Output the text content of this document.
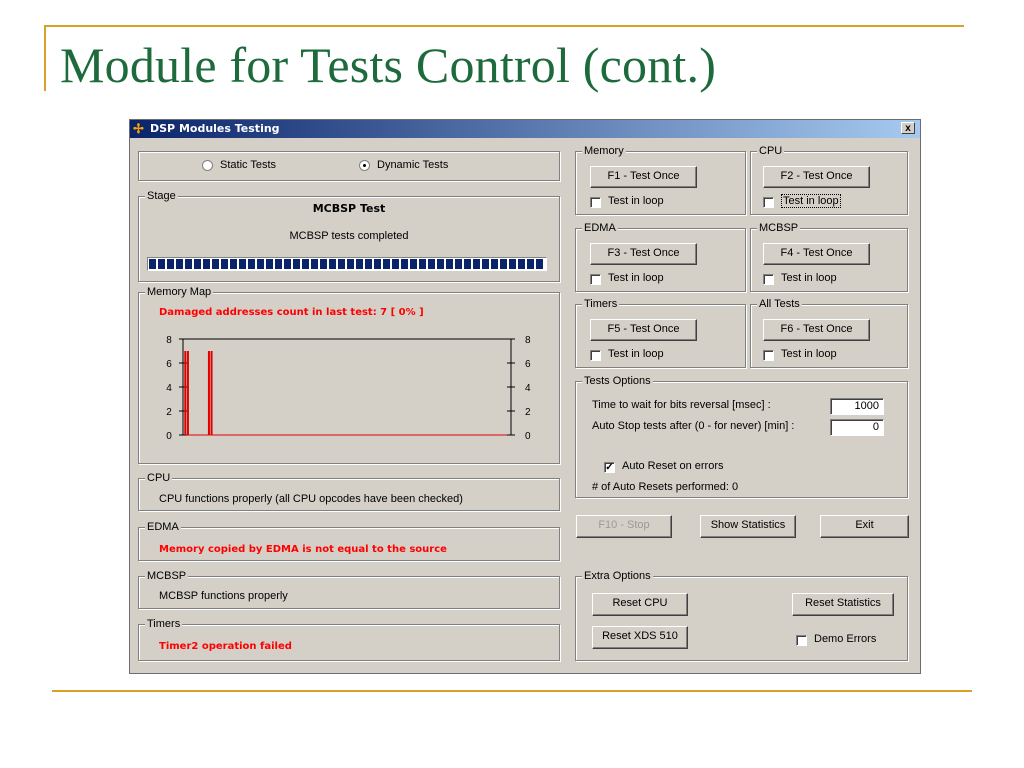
Module for Tests Control (cont.)
✢ DSP Modules Testing	x
Static Tests	Dynamic Tests
Stage
MCBSP Test
MCBSP tests completed
Memory Map
Damaged addresses count in last test: 7 [ 0% ]
8
6
4
2
0
8
6
4
2
0
CPU
CPU functions properly (all CPU opcodes have been checked)
EDMA
Memory copied by EDMA is not equal to the source
MCBSP
MCBSP functions properly
Timers
Timer2 operation failed
Memory
F1 - Test Once
Test in loop
CPU
F2 - Test Once
Test in loop
EDMA
F3 - Test Once
Test in loop
MCBSP
F4 - Test Once
Test in loop
Timers
F5 - Test Once
Test in loop
All Tests
F6 - Test Once
Test in loop
Tests Options
Time to wait for bits reversal [msec] :	1000
Auto Stop tests after (0 - for never) [min] :	0
✓ Auto Reset on errors
# of Auto Resets performed: 0
F10 - Stop	Show Statistics	Exit
Extra Options
Reset CPU	Reset Statistics
Reset XDS 510	Demo Errors
